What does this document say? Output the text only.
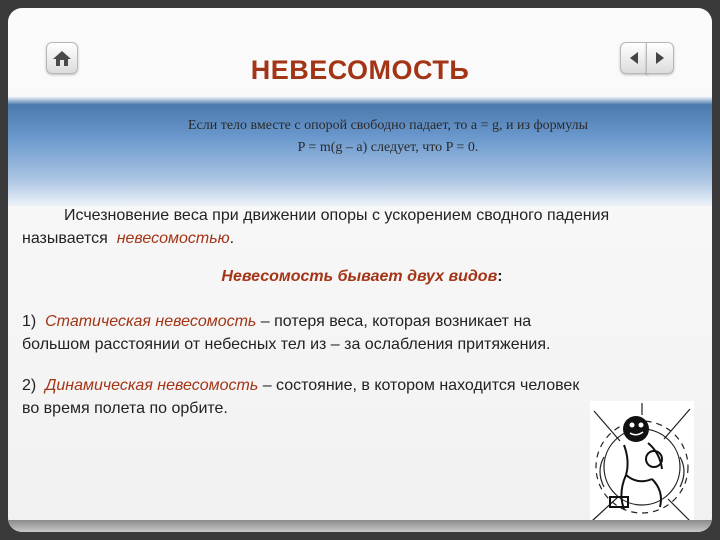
НЕВЕСОМОСТЬ
Если тело вместе с опорой свободно падает, то a = g, и из формулы
P = m(g – a) следует, что P = 0.
Исчезновение веса при движении опоры с ускорением сводного падения
называется невесомостью.
Невесомость бывает двух видов:
1) Статическая невесомость – потеря веса, которая возникает на
большом расстоянии от небесных тел из – за ослабления притяжения.
2) Динамическая невесомость – состояние, в котором находится человек
во время полета по орбите.
